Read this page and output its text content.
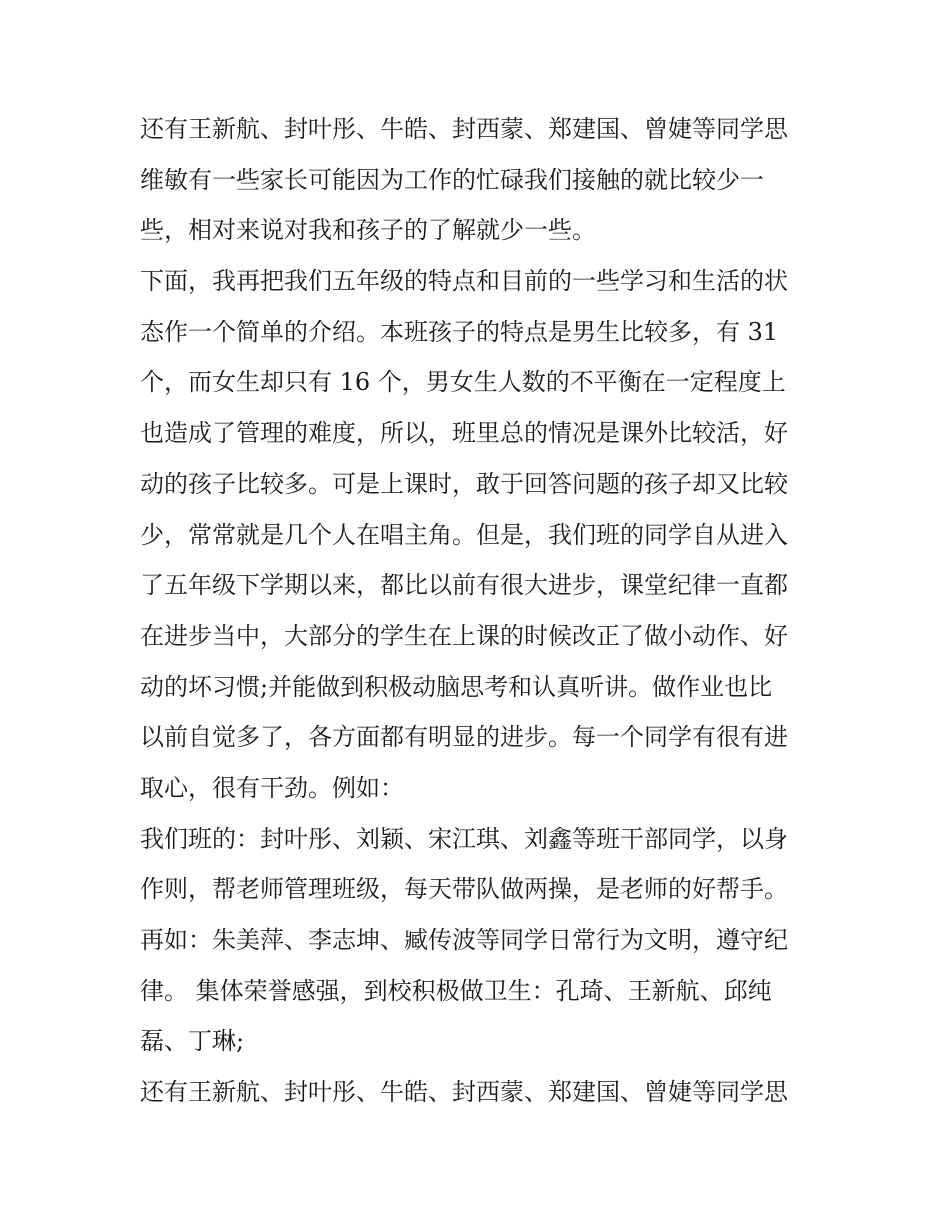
还有王新航、封叶彤、牛皓、封西蒙、郑建国、曾婕等同学思
维敏有一些家长可能因为工作的忙碌我们接触的就比较少一
些，相对来说对我和孩子的了解就少一些。
下面，我再把我们五年级的特点和目前的一些学习和生活的状
态作一个简单的介绍。本班孩子的特点是男生比较多，有 31
个，而女生却只有 16 个，男女生人数的不平衡在一定程度上
也造成了管理的难度，所以，班里总的情况是课外比较活，好
动的孩子比较多。可是上课时，敢于回答问题的孩子却又比较
少，常常就是几个人在唱主角。但是，我们班的同学自从进入
了五年级下学期以来，都比以前有很大进步，课堂纪律一直都
在进步当中，大部分的学生在上课的时候改正了做小动作、好
动的坏习惯;并能做到积极动脑思考和认真听讲。做作业也比
以前自觉多了，各方面都有明显的进步。每一个同学有很有进
取心，很有干劲。例如：
我们班的：封叶彤、刘颖、宋江琪、刘鑫等班干部同学，以身
作则，帮老师管理班级，每天带队做两操，是老师的好帮手。
再如：朱美萍、李志坤、臧传波等同学日常行为文明，遵守纪
律。 集体荣誉感强，到校积极做卫生：孔琦、王新航、邱纯
磊、丁琳;
还有王新航、封叶彤、牛皓、封西蒙、郑建国、曾婕等同学思
